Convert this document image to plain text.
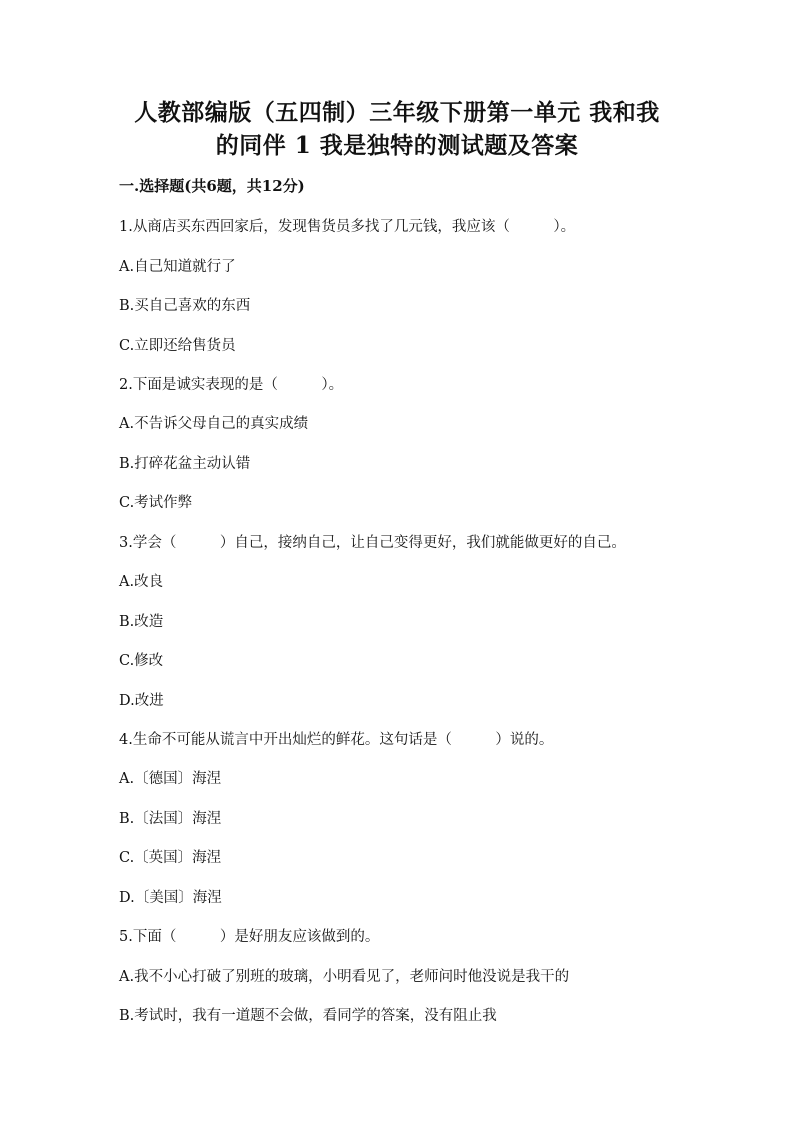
人教部编版（五四制）三年级下册第一单元 我和我
的同伴 1 我是独特的测试题及答案
一.选择题(共6题，共12分)
1.从商店买东西回家后，发现售货员多找了几元钱，我应该（　　　）。
A.自己知道就行了
B.买自己喜欢的东西
C.立即还给售货员
2.下面是诚实表现的是（　　　）。
A.不告诉父母自己的真实成绩
B.打碎花盆主动认错
C.考试作弊
3.学会（　　　）自己，接纳自己，让自己变得更好，我们就能做更好的自己。
A.改良
B.改造
C.修改
D.改进
4.生命不可能从谎言中开出灿烂的鲜花。这句话是（　　　）说的。
A.〔德国〕海涅
B.〔法国〕海涅
C.〔英国〕海涅
D.〔美国〕海涅
5.下面（　　　）是好朋友应该做到的。
A.我不小心打破了别班的玻璃，小明看见了，老师问时他没说是我干的
B.考试时，我有一道题不会做，看同学的答案，没有阻止我
